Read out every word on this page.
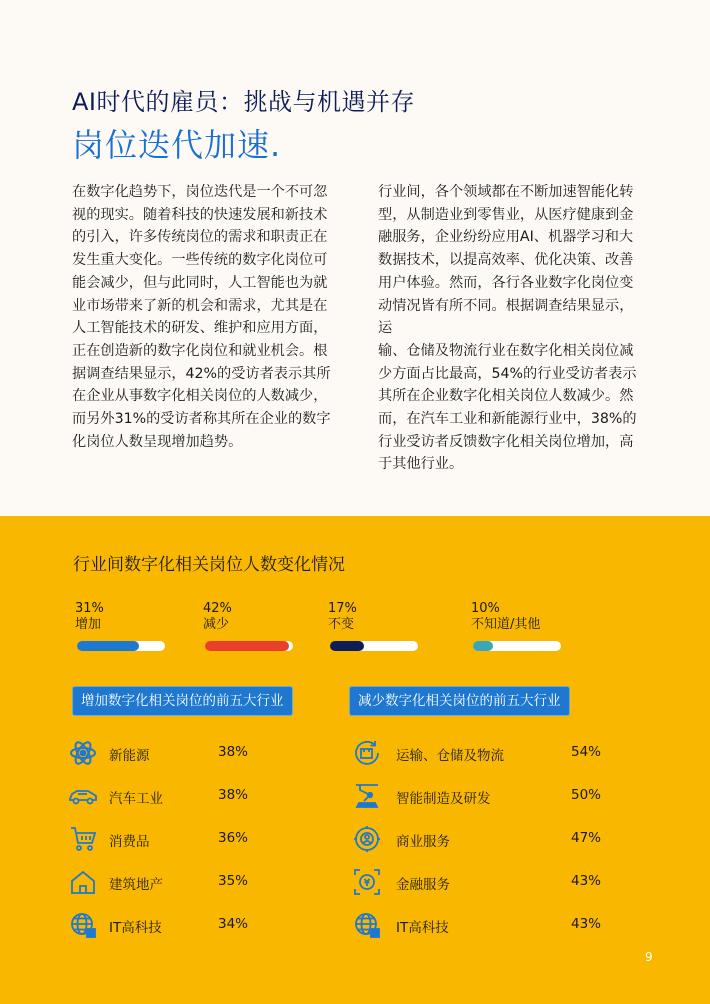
AI时代的雇员：挑战与机遇并存
岗位迭代加速.
在数字化趋势下，岗位迭代是一个不可忽
视的现实。随着科技的快速发展和新技术
的引入，许多传统岗位的需求和职责正在
发生重大变化。一些传统的数字化岗位可
能会减少，但与此同时，人工智能也为就
业市场带来了新的机会和需求，尤其是在
人工智能技术的研发、维护和应用方面，
正在创造新的数字化岗位和就业机会。根
据调查结果显示，42%的受访者表示其所
在企业从事数字化相关岗位的人数减少，
而另外31%的受访者称其所在企业的数字
化岗位人数呈现增加趋势。
行业间，各个领域都在不断加速智能化转
型，从制造业到零售业，从医疗健康到金
融服务，企业纷纷应用AI、机器学习和大
数据技术，以提高效率、优化决策、改善
用户体验。然而，各行各业数字化岗位变
动情况皆有所不同。根据调查结果显示，运
输、仓储及物流行业在数字化相关岗位减
少方面占比最高，54%的行业受访者表示
其所在企业数字化相关岗位人数减少。然
而，在汽车工业和新能源行业中，38%的
行业受访者反馈数字化相关岗位增加，高
于其他行业。
行业间数字化相关岗位人数变化情况
31%
增加
42%
减少
17%
不变
10%
不知道/其他
增加数字化相关岗位的前五大行业	减少数字化相关岗位的前五大行业
新能源	38%
汽车工业	38%
消费品	36%
建筑地产	35%
IT高科技	34%
运输、仓储及物流	54%
智能制造及研发	50%
商业服务	47%
金融服务	43%
IT高科技	43%
9
